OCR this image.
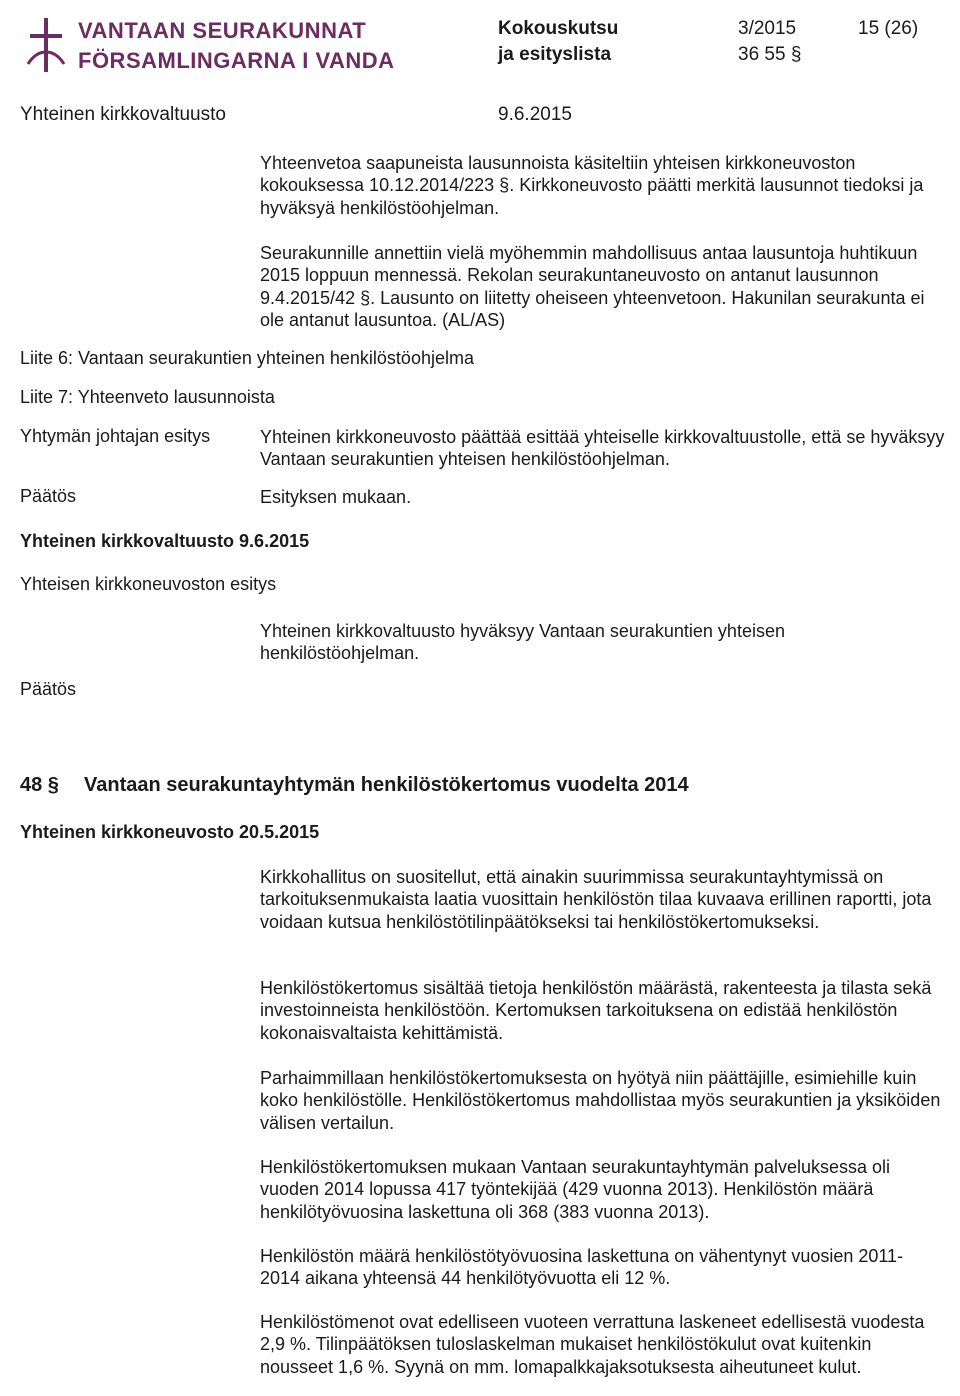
VANTAAN SEURAKUNNAT
FÖRSAMLINGARNA I VANDA
Kokouskutsu
ja esityslista
3/2015
36 55 §
15 (26)
Yhteinen kirkkovaltuusto	9.6.2015
Yhteenvetoa saapuneista lausunnoista käsiteltiin yhteisen kirkkoneuvoston kokouksessa 10.12.2014/223 §. Kirkkoneuvosto päätti merkitä lausunnot tiedoksi ja hyväksyä henkilöstöohjelman.
Seurakunnille annettiin vielä myöhemmin mahdollisuus antaa lausuntoja huhtikuun 2015 loppuun mennessä. Rekolan seurakuntaneuvosto on antanut lausunnon 9.4.2015/42 §. Lausunto on liitetty oheiseen yhteenvetoon. Hakunilan seurakunta ei ole antanut lausuntoa. (AL/AS)
Liite 6: Vantaan seurakuntien yhteinen henkilöstöohjelma
Liite 7: Yhteenveto lausunnoista
Yhtymän johtajan esitys	Yhteinen kirkkoneuvosto päättää esittää yhteiselle kirkkovaltuustolle, että se hyväksyy Vantaan seurakuntien yhteisen henkilöstöohjelman.
Päätös	Esityksen mukaan.
Yhteinen kirkkovaltuusto 9.6.2015
Yhteisen kirkkoneuvoston esitys
Yhteinen kirkkovaltuusto hyväksyy Vantaan seurakuntien yhteisen henkilöstöohjelman.
Päätös
48 § Vantaan seurakuntayhtymän henkilöstökertomus vuodelta 2014
Yhteinen kirkkoneuvosto 20.5.2015
Kirkkohallitus on suositellut, että ainakin suurimmissa seurakuntayhtymissä on tarkoituksenmukaista laatia vuosittain henkilöstön tilaa kuvaava erillinen raportti, jota voidaan kutsua henkilöstötilinpäätökseksi tai henkilöstökertomukseksi.
Henkilöstökertomus sisältää tietoja henkilöstön määrästä, rakenteesta ja tilasta sekä investoinneista henkilöstöön. Kertomuksen tarkoituksena on edistää henkilöstön kokonaisvaltaista kehittämistä.
Parhaimmillaan henkilöstökertomuksesta on hyötyä niin päättäjille, esimiehille kuin koko henkilöstölle. Henkilöstökertomus mahdollistaa myös seurakuntien ja yksiköiden välisen vertailun.
Henkilöstökertomuksen mukaan Vantaan seurakuntayhtymän palveluksessa oli vuoden 2014 lopussa 417 työntekijää (429 vuonna 2013). Henkilöstön määrä henkilötyövuosina laskettuna oli 368 (383 vuonna 2013).
Henkilöstön määrä henkilöstötyövuosina laskettuna on vähentynyt vuosien 2011- 2014 aikana yhteensä 44 henkilötyövuotta eli 12 %.
Henkilöstömenot ovat edelliseen vuoteen verrattuna laskeneet edellisestä vuodesta 2,9 %. Tilinpäätöksen tuloslaskelman mukaiset henkilöstökulut ovat kuitenkin nousseet 1,6 %. Syynä on mm. lomapalkkajaksotuksesta aiheutuneet kulut.
